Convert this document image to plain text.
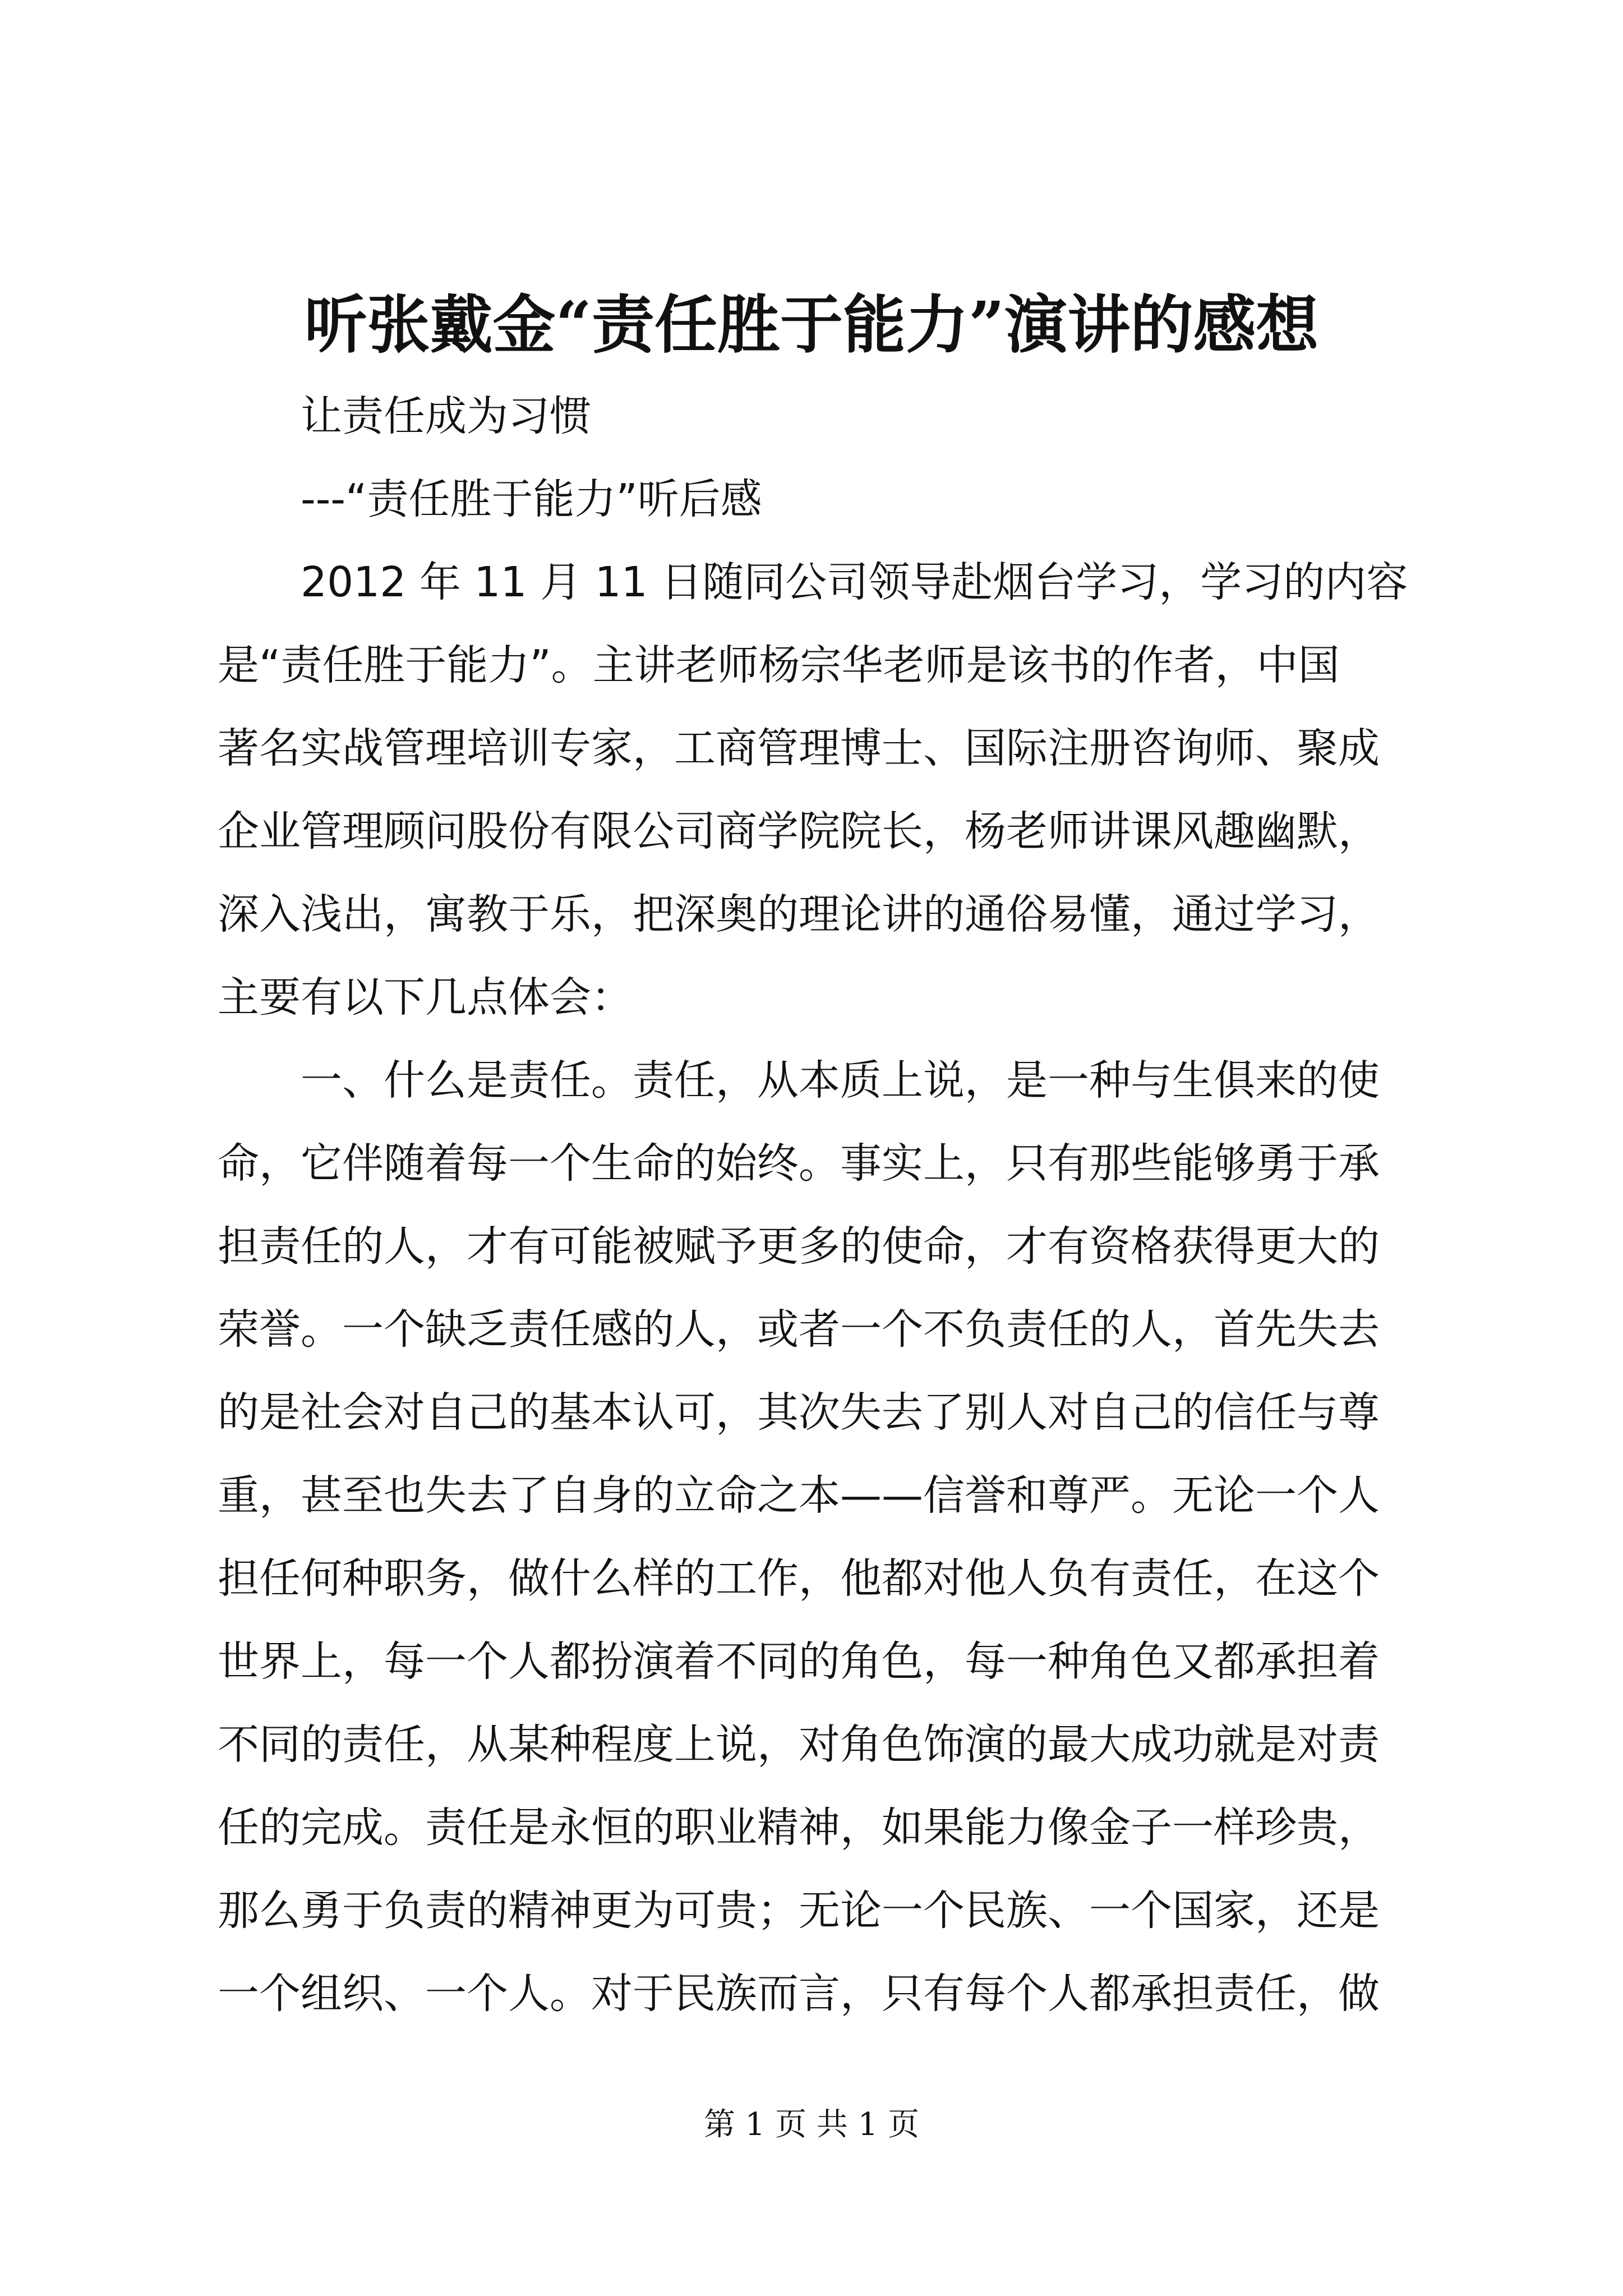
听张戴金“责任胜于能力”演讲的感想
让责任成为习惯
---“责任胜于能力”听后感
2012 年 11 月 11 日随同公司领导赴烟台学习，学习的内容
是“责任胜于能力”。主讲老师杨宗华老师是该书的作者，中国
著名实战管理培训专家，工商管理博士、国际注册咨询师、聚成
企业管理顾问股份有限公司商学院院长，杨老师讲课风趣幽默，
深入浅出，寓教于乐，把深奥的理论讲的通俗易懂，通过学习，
主要有以下几点体会：
一、什么是责任。责任，从本质上说，是一种与生俱来的使
命，它伴随着每一个生命的始终。事实上，只有那些能够勇于承
担责任的人，才有可能被赋予更多的使命，才有资格获得更大的
荣誉。一个缺乏责任感的人，或者一个不负责任的人，首先失去
的是社会对自己的基本认可，其次失去了别人对自己的信任与尊
重，甚至也失去了自身的立命之本——信誉和尊严。无论一个人
担任何种职务，做什么样的工作，他都对他人负有责任，在这个
世界上，每一个人都扮演着不同的角色，每一种角色又都承担着
不同的责任，从某种程度上说，对角色饰演的最大成功就是对责
任的完成。责任是永恒的职业精神，如果能力像金子一样珍贵，
那么勇于负责的精神更为可贵；无论一个民族、一个国家，还是
一个组织、一个人。对于民族而言，只有每个人都承担责任，做
第 1 页 共 1 页
